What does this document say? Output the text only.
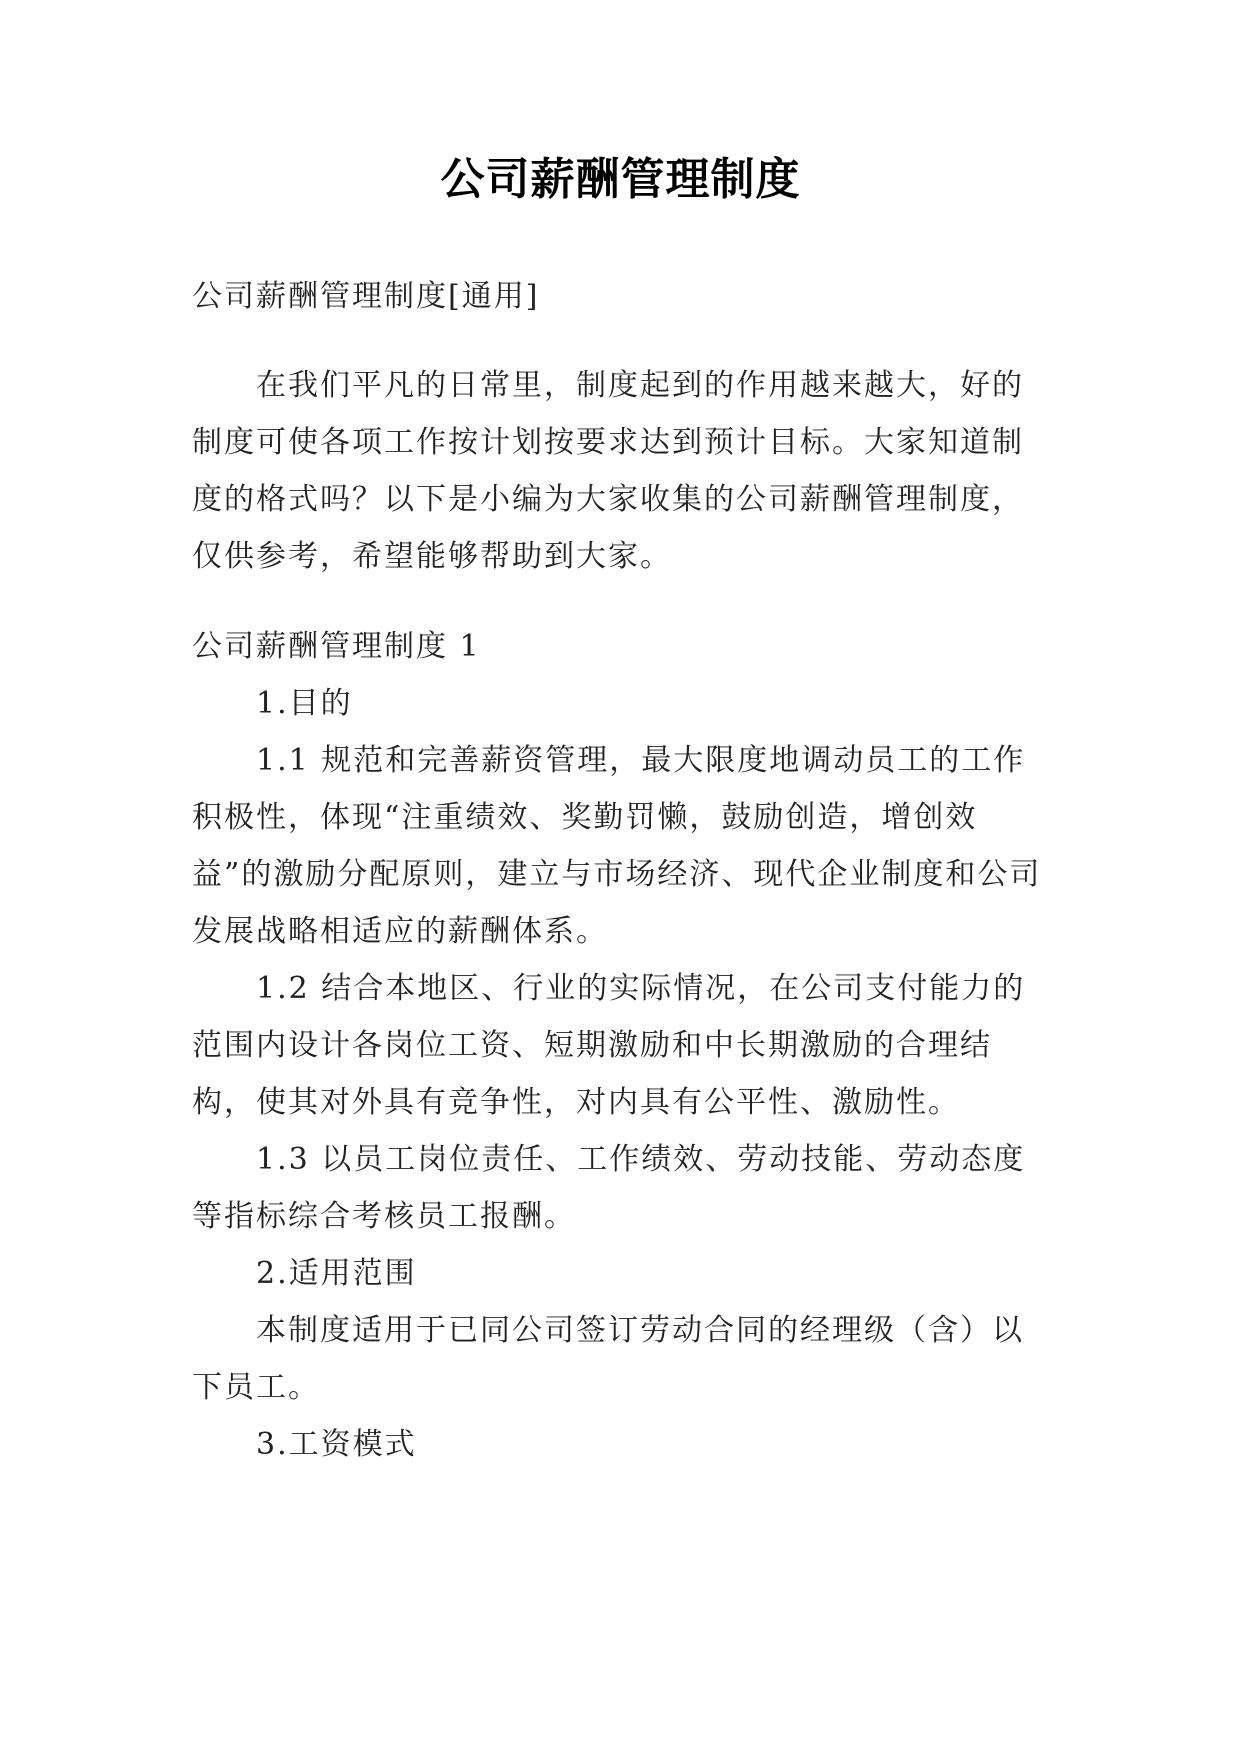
公司薪酬管理制度

公司薪酬管理制度[通用]

在我们平凡的日常里，制度起到的作用越来越大，好的制度可使各项工作按计划按要求达到预计目标。大家知道制度的格式吗？以下是小编为大家收集的公司薪酬管理制度，仅供参考，希望能够帮助到大家。

公司薪酬管理制度 1

1.目的

1.1 规范和完善薪资管理，最大限度地调动员工的工作积极性，体现“注重绩效、奖勤罚懒，鼓励创造，增创效益”的激励分配原则，建立与市场经济、现代企业制度和公司发展战略相适应的薪酬体系。

1.2 结合本地区、行业的实际情况，在公司支付能力的范围内设计各岗位工资、短期激励和中长期激励的合理结构，使其对外具有竞争性，对内具有公平性、激励性。

1.3 以员工岗位责任、工作绩效、劳动技能、劳动态度等指标综合考核员工报酬。

2.适用范围

本制度适用于已同公司签订劳动合同的经理级（含）以下员工。

3.工资模式
